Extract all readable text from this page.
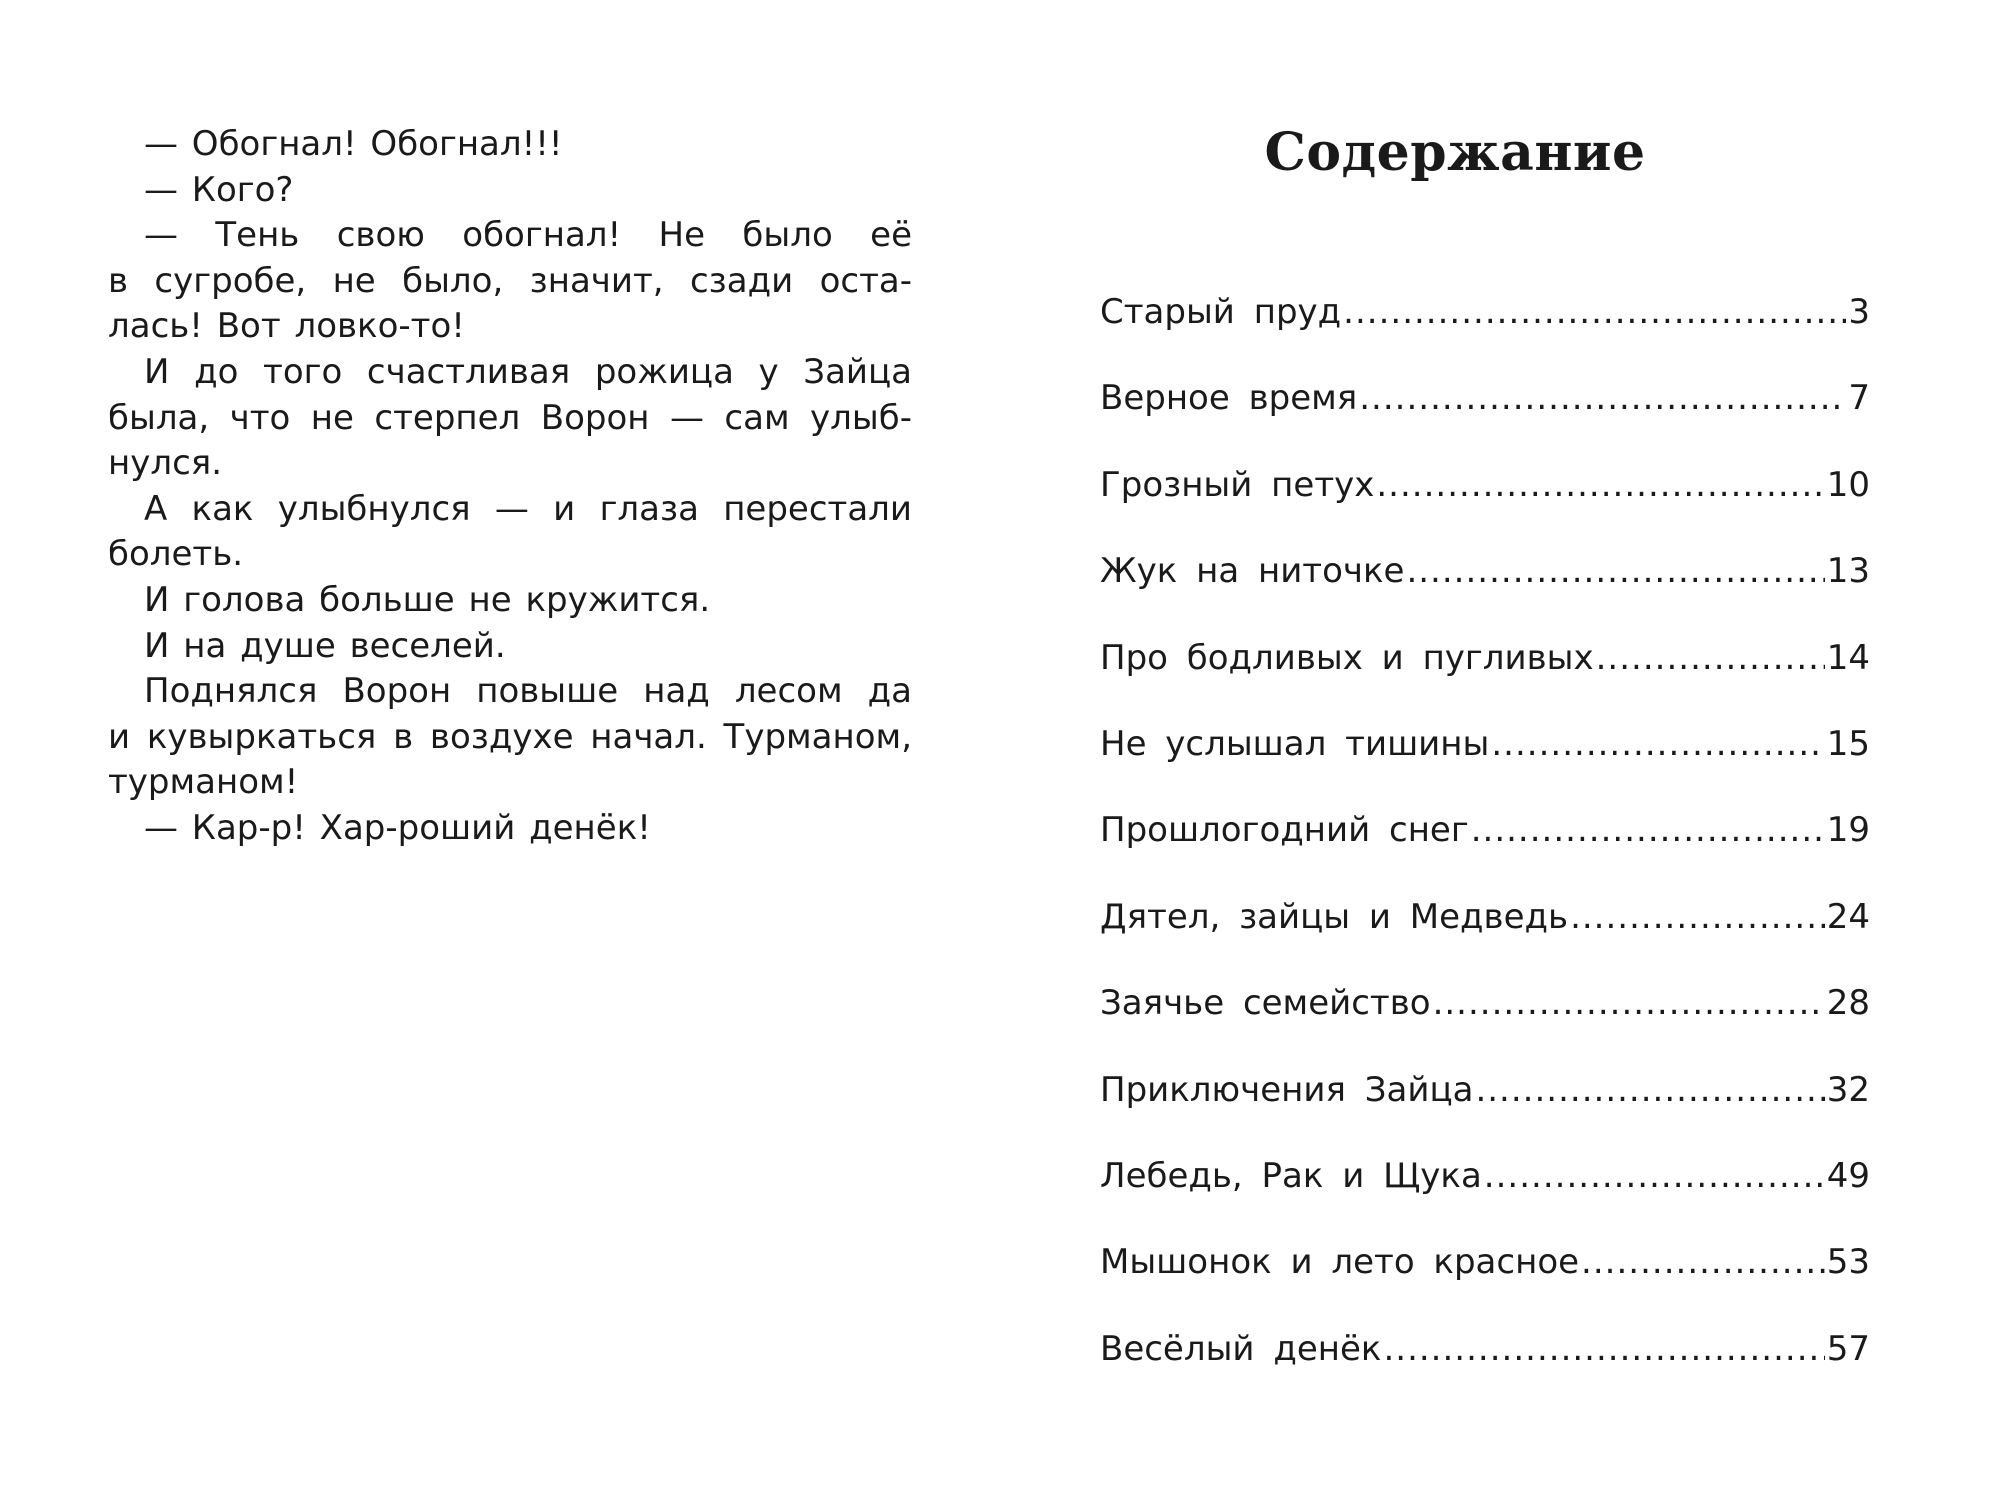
— Обогнал! Обогнал!!!
— Кого?
— Тень свою обогнал! Не было её
в сугробе, не было, значит, сзади оста-
лась! Вот ловко-то!
И до того счастливая рожица у Зайца
была, что не стерпел Ворон — сам улыб-
нулся.
А как улыбнулся — и глаза перестали
болеть.
И голова больше не кружится.
И на душе веселей.
Поднялся Ворон повыше над лесом да
и кувыркаться в воздухе начал. Турманом,
турманом!
— Кар-р! Хар-роший денёк!
Содержание
Старый пруд .....	3
Верное время .....	7
Грозный петух .....	10
Жук на ниточке .....	13
Про бодливых и пугливых .....	14
Не услышал тишины .....	15
Прошлогодний снег .....	19
Дятел, зайцы и Медведь .....	24
Заячье семейство .....	28
Приключения Зайца .....	32
Лебедь, Рак и Щука .....	49
Мышонок и лето красное .....	53
Весёлый денёк .....	57
